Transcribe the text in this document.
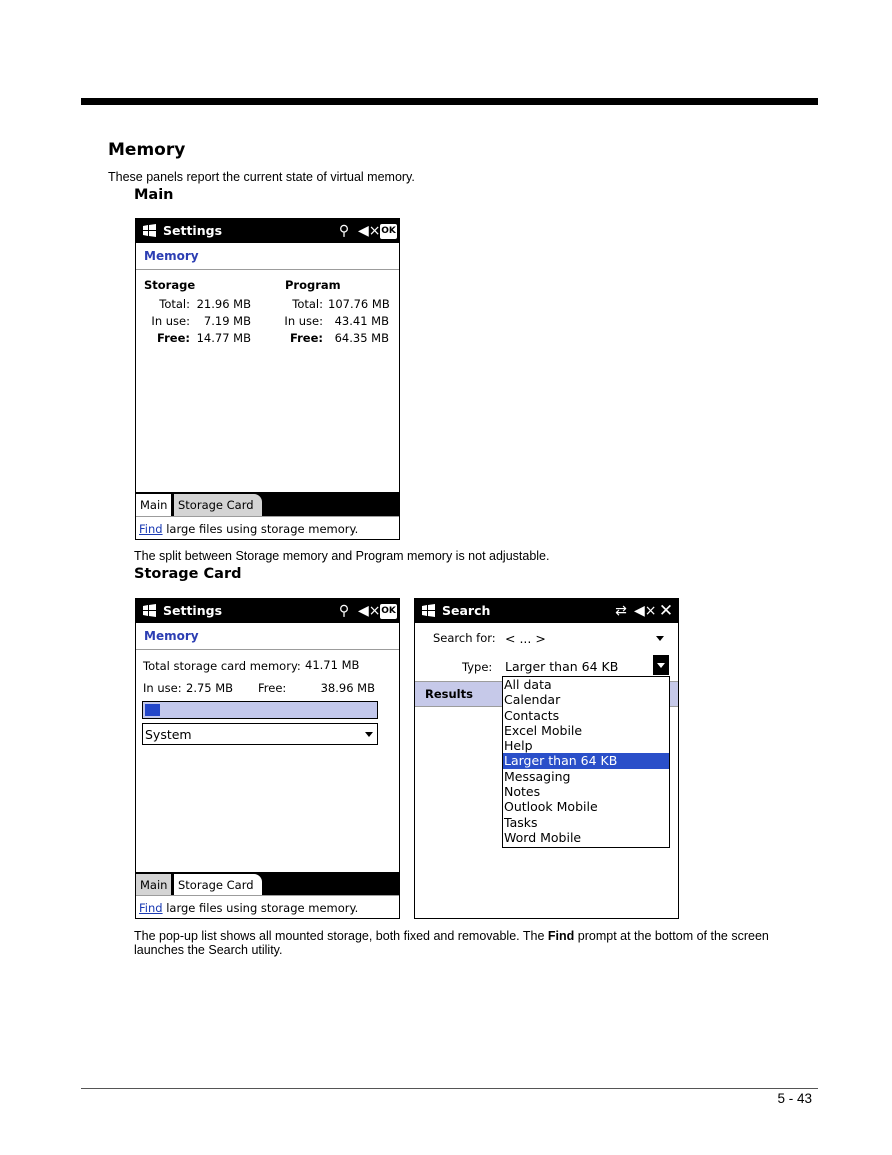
Memory
These panels report the current state of virtual memory.
Main
Settings	⚲ ◀× OK
Memory
Storage
Total: 21.96 MB
In use:	7.19 MB
Free: 14.77 MB
Program
Total: 107.76 MB
In use:	43.41 MB
Free:	64.35 MB
Main Storage Card
Find large files using storage memory.
The split between Storage memory and Program memory is not adjustable.
Storage Card
Settings	⚲ ◀× OK
Memory
Total storage card memory: 41.71 MB
In use: 2.75 MB Free:	38.96 MB
System
Main Storage Card
Find large files using storage memory.
Search	⇄ ◀× ✕
Search for: < ... >
Type: Larger than 64 KB
Results
All data
Calendar
Contacts
Excel Mobile
Help
Larger than 64 KB
Messaging
Notes
Outlook Mobile
Tasks
Word Mobile
The pop-up list shows all mounted storage, both fixed and removable. The Find prompt at the bottom of the screen
launches the Search utility.
5 - 43
